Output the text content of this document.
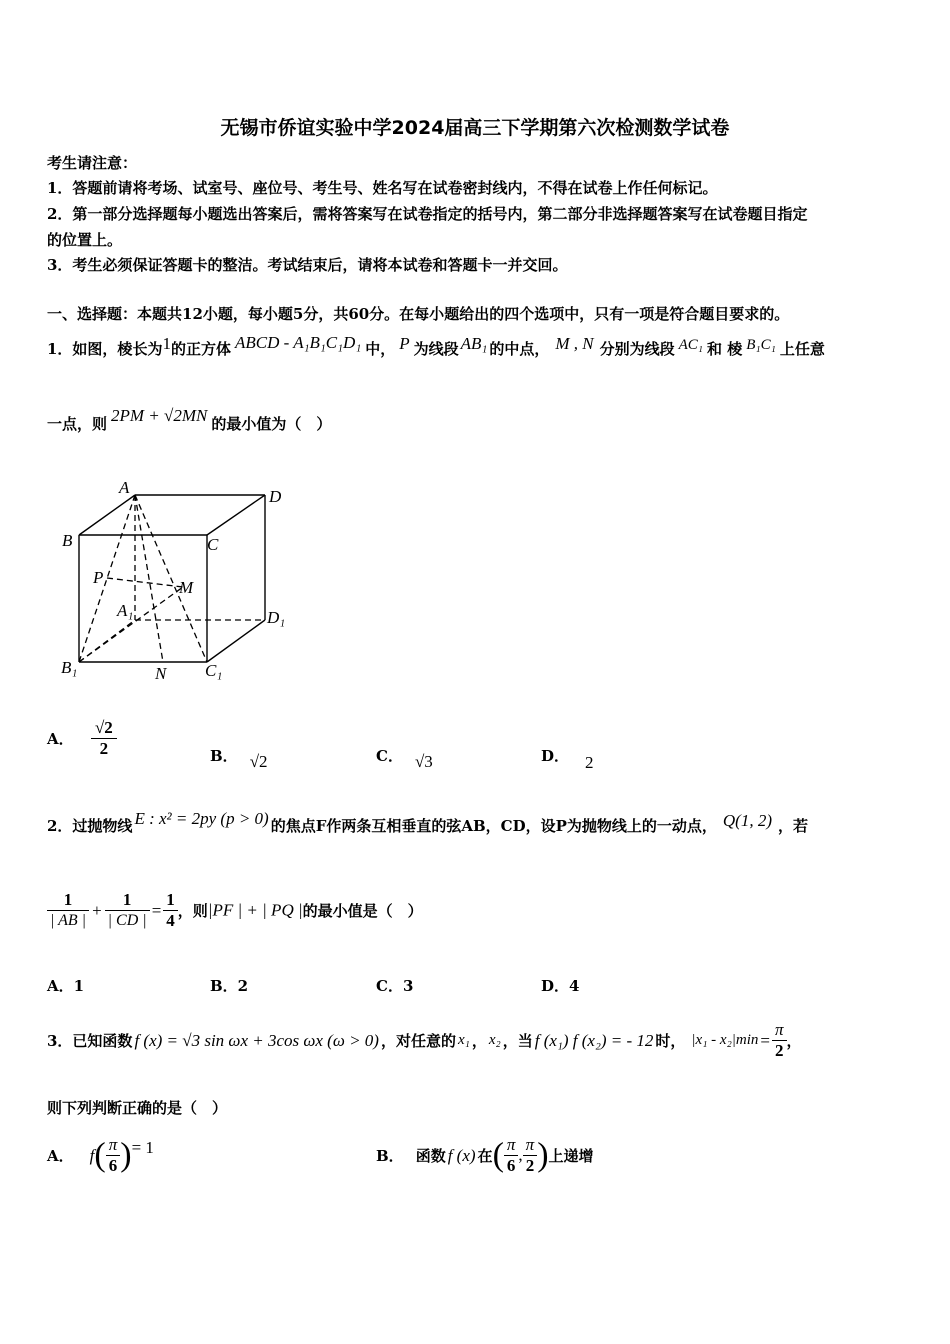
无锡市侨谊实验中学2024届高三下学期第六次检测数学试卷
考生请注意：
1．答题前请将考场、试室号、座位号、考生号、姓名写在试卷密封线内，不得在试卷上作任何标记。
2．第一部分选择题每小题选出答案后，需将答案写在试卷指定的括号内，第二部分非选择题答案写在试卷题目指定
的位置上。
3．考生必须保证答题卡的整洁。考试结束后，请将本试卷和答题卡一并交回。
一、选择题：本题共12小题，每小题5分，共60分。在每小题给出的四个选项中，只有一项是符合题目要求的。
1．如图，棱长为1的正方体 ABCD - A₁B₁C₁D₁ 中， P 为线段 AB₁ 的中点， M , N 分别为线段 AC₁ 和 棱 B₁C₁ 上任意
一点，则 2PM + √2MN 的最小值为（　）
A	D
B	C
P
M
A₁	D₁
B₁	N C₁
A． $\frac{√2}{2}$	B． √2	C． √3	D． 2
2．过抛物线 E : x² = 2py (p > 0) 的焦点F作两条互相垂直的弦AB，CD，设P为抛物线上的一动点， Q(1, 2) ，若
$\frac{1}{| AB |} + \frac{1}{| CD |} = \frac{1}{4}$ ，则|PF | + | PQ |的最小值是（　）
A．1	B．2	C．3	D．4
3．已知函数 f (x) = √3 sin ωx + 3cos ωx (ω > 0) ，对任意的 x₁ ， x₂ ，当 f (x₁) f (x₂) = - 12 时， $|x_1 - x_2|\min = \frac{\pi}{2}$ ，
则下列判断正确的是（　）
A． $f( \frac{\pi}{6}$ )= 1	B． 函数 f (x) 在( $\frac{\pi}{6}$ , $\frac{\pi}{2}$ )上递增
